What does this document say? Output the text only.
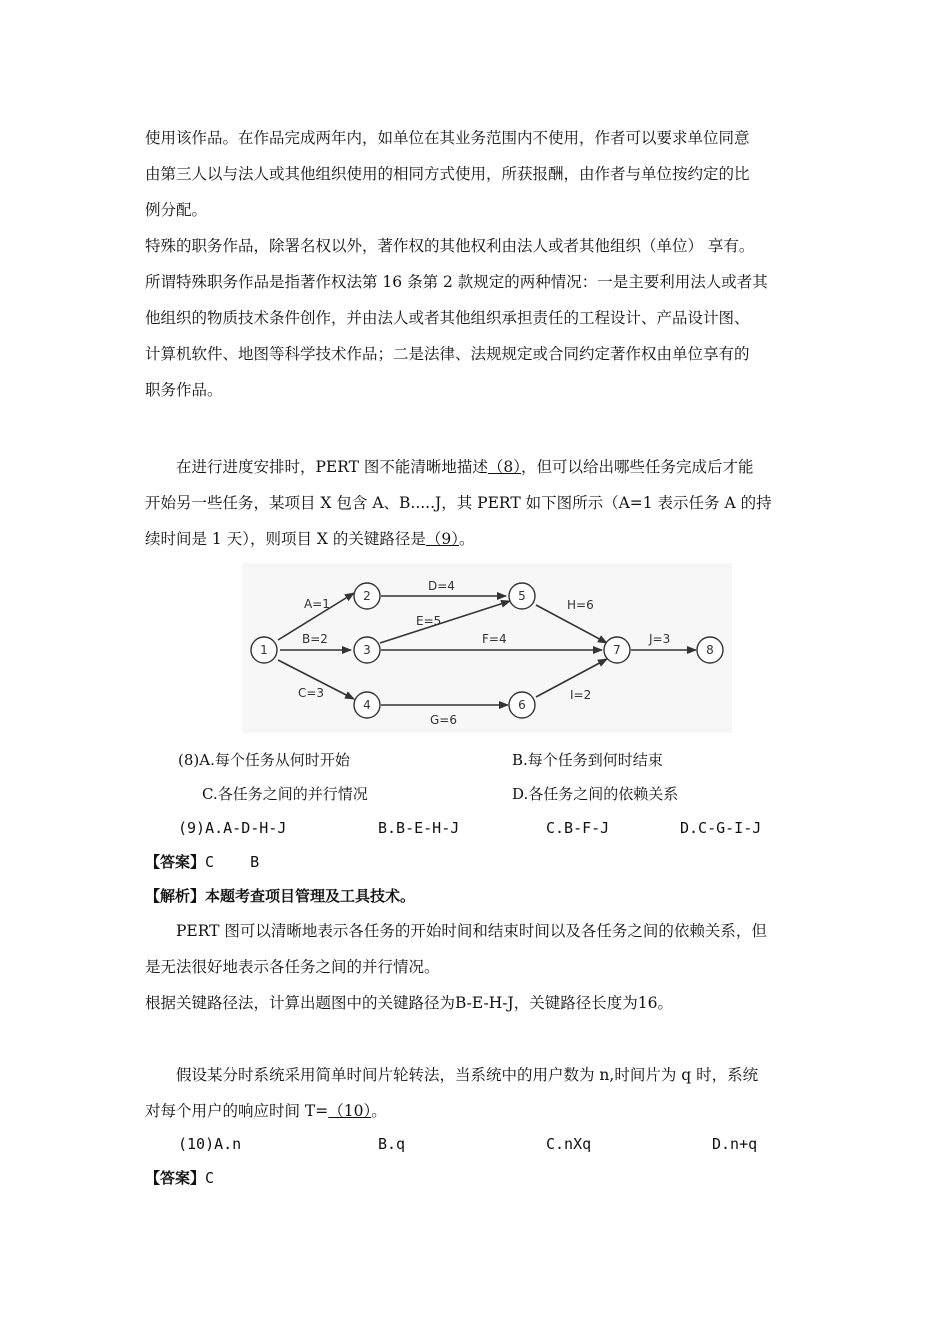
使用该作品。在作品完成两年内，如单位在其业务范围内不使用，作者可以要求单位同意

由第三人以与法人或其他组织使用的相同方式使用，所获报酬，由作者与单位按约定的比

例分配。

特殊的职务作品，除署名权以外，著作权的其他权利由法人或者其他组织（单位） 享有。

所谓特殊职务作品是指著作权法第 16 条第 2 款规定的两种情况：一是主要利用法人或者其

他组织的物质技术条件创作，并由法人或者其他组织承担责任的工程设计、产品设计图、

计算机软件、地图等科学技术作品；二是法律、法规规定或合同约定著作权由单位享有的

职务作品。

在进行进度安排时，PERT 图不能清晰地描述（8），但可以给出哪些任务完成后才能

开始另一些任务，某项目 X 包含 A、B.....J，其 PERT 如下图所示（A=1 表示任务 A 的持

续时间是 1 天），则项目 X 的关键路径是（9）。

1
2
3
4
5
6
7	8
A=1
B=2
C=3
D=4
E=5
F=4
G=6
H=6
I=2
J=3
(8)A.每个任务从何时开始	B.每个任务到何时结束
C.各任务之间的并行情况	D.各任务之间的依赖关系
(9)A.A-D-H-J	B.B-E-H-J	C.B-F-J	D.C-G-I-J
【答案】C    B
【解析】本题考查项目管理及工具技术。

PERT 图可以清晰地表示各任务的开始时间和结束时间以及各任务之间的依赖关系，但

是无法很好地表示各任务之间的并行情况。

根据关键路径法，计算出题图中的关键路径为B-E-H-J，关键路径长度为16。

假设某分时系统采用简单时间片轮转法，当系统中的用户数为 n,时间片为 q 时，系统

对每个用户的响应时间 T=（10）。

(10)A.n	B.q	C.nXq	D.n+q
【答案】C
